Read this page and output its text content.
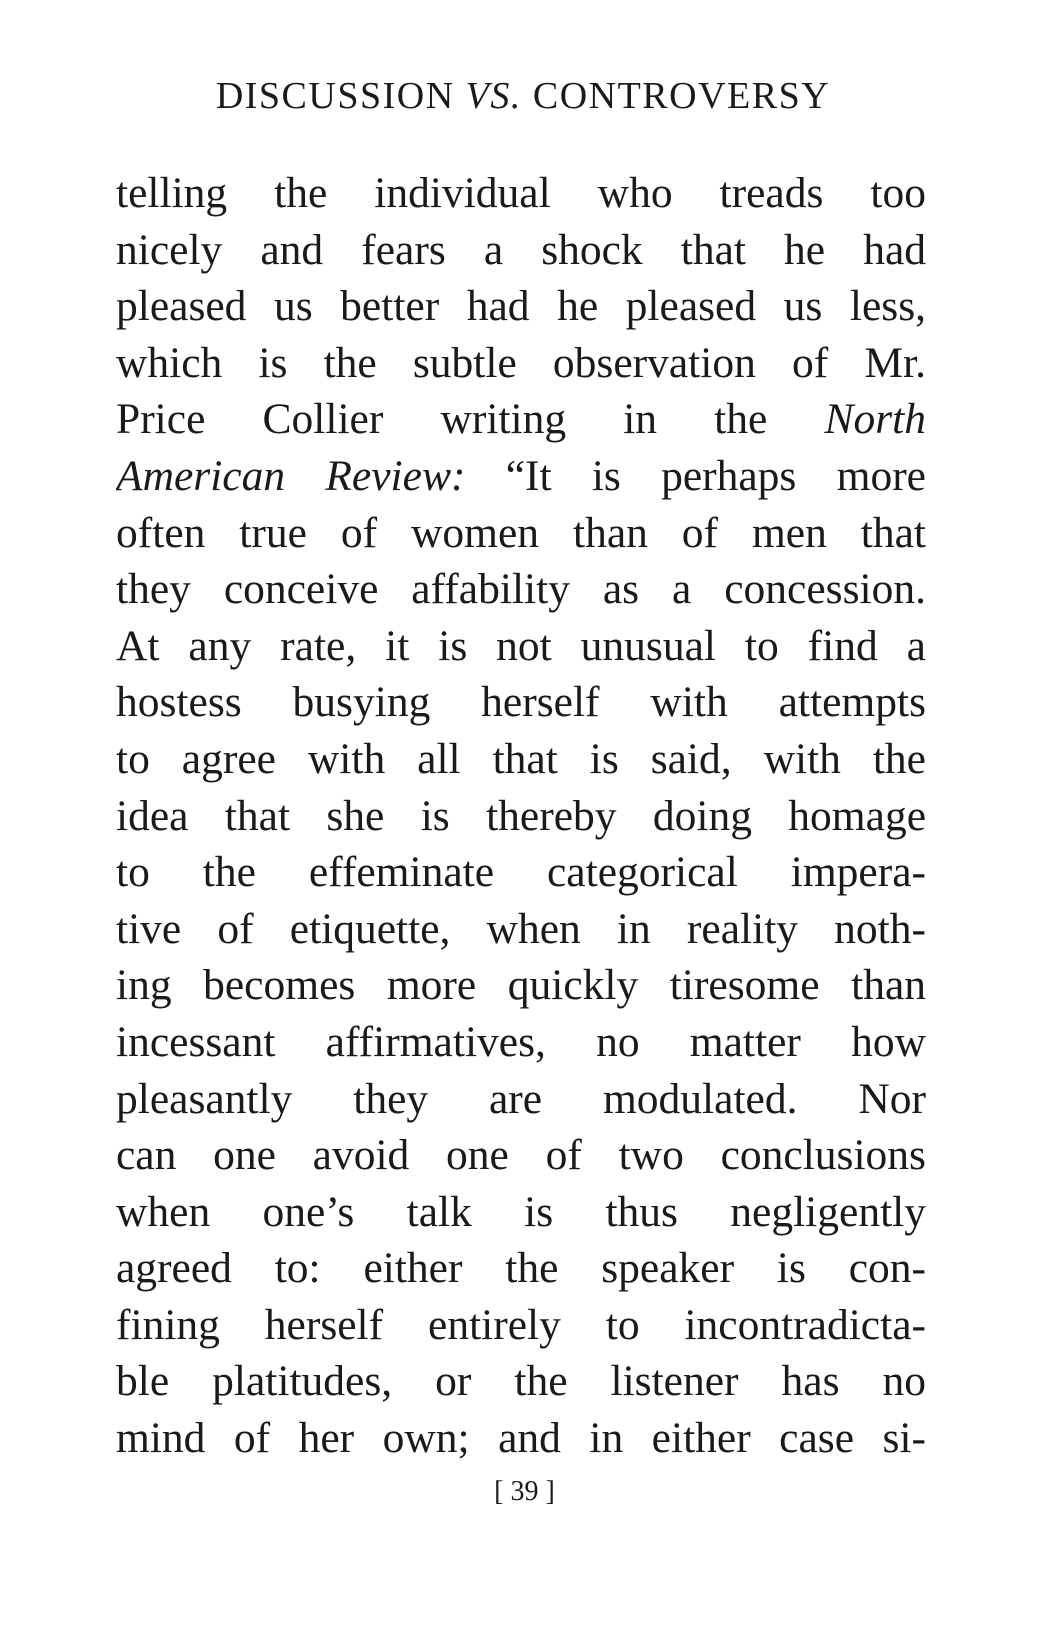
DISCUSSION VS. CONTROVERSY
telling the individual who treads too
nicely and fears a shock that he had
pleased us better had he pleased us less,
which is the subtle observation of Mr.
Price Collier writing in the North
American Review: “It is perhaps more
often true of women than of men that
they conceive affability as a concession.
At any rate, it is not unusual to find a
hostess busying herself with attempts
to agree with all that is said, with the
idea that she is thereby doing homage
to the effeminate categorical impera-
tive of etiquette, when in reality noth-
ing becomes more quickly tiresome than
incessant affirmatives, no matter how
pleasantly they are modulated. Nor
can one avoid one of two conclusions
when one’s talk is thus negligently
agreed to: either the speaker is con-
fining herself entirely to incontradicta-
ble platitudes, or the listener has no
mind of her own; and in either case si-
[ 39 ]
